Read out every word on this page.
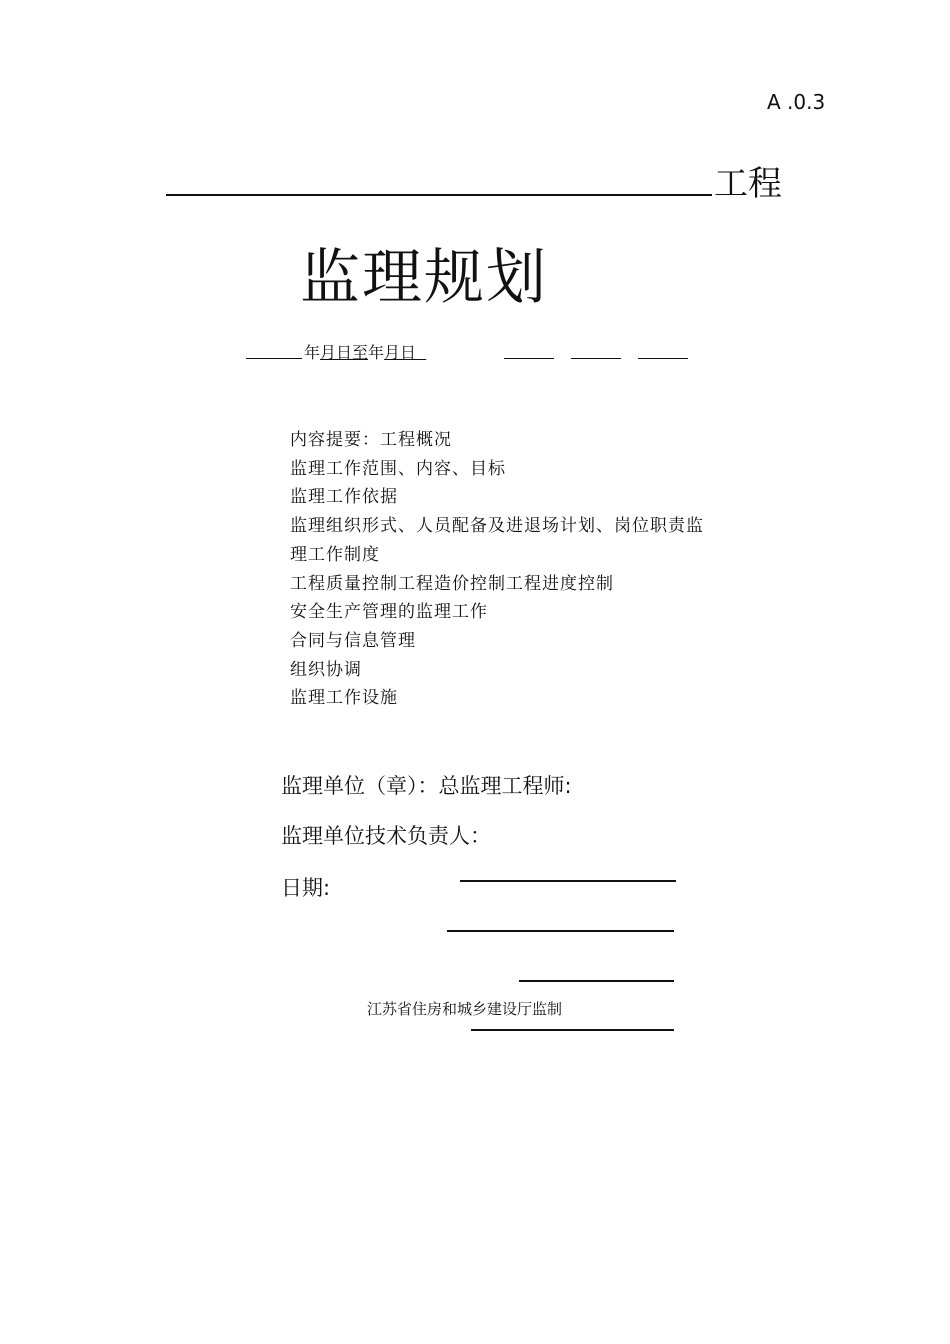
A .0.3
工程
监理规划
年月日至年月日
内容提要：工程概况
监理工作范围、内容、目标
监理工作依据
监理组织形式、人员配备及进退场计划、岗位职责监
理工作制度
工程质量控制工程造价控制工程进度控制
安全生产管理的监理工作
合同与信息管理
组织协调
监理工作设施
监理单位（章）：总监理工程师:
监理单位技术负责人：
日期:
江苏省住房和城乡建设厅监制
